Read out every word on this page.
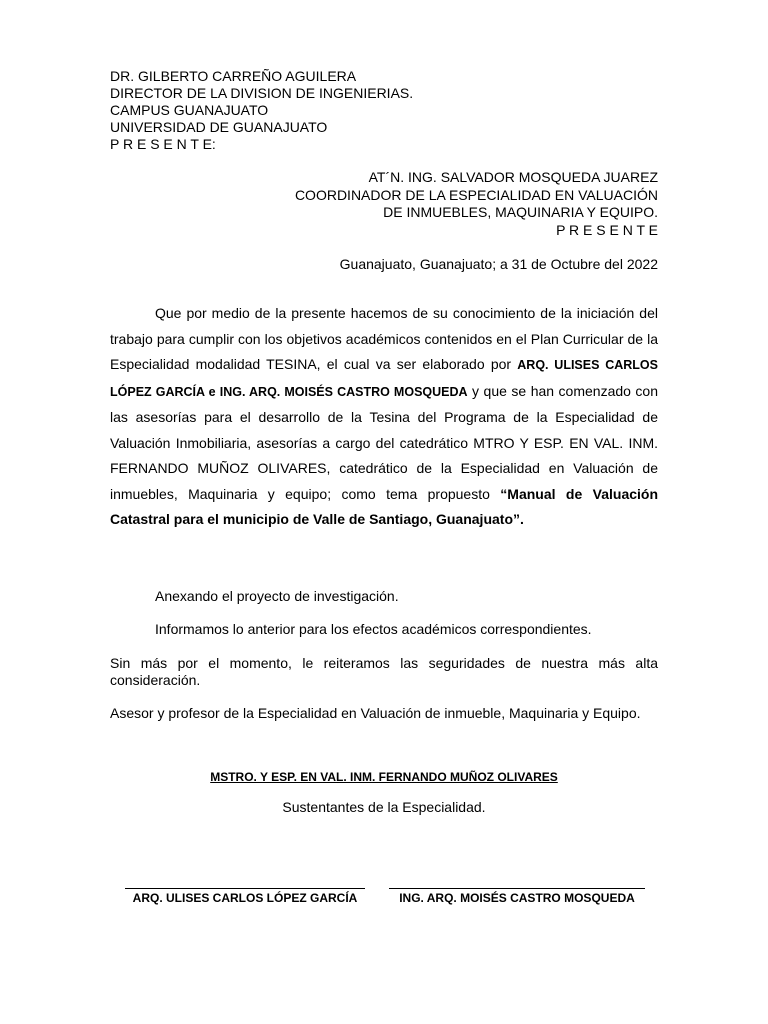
DR. GILBERTO CARREÑO AGUILERA
DIRECTOR DE LA DIVISION DE INGENIERIAS.
CAMPUS GUANAJUATO
UNIVERSIDAD DE GUANAJUATO
P R E S E N T E:
AT´N. ING. SALVADOR MOSQUEDA JUAREZ
COORDINADOR DE LA ESPECIALIDAD EN VALUACIÓN
DE INMUEBLES, MAQUINARIA Y EQUIPO.
P R E S E N T E
Guanajuato, Guanajuato; a 31 de Octubre del 2022
Que por medio de la presente hacemos de su conocimiento de la iniciación del trabajo para cumplir con los objetivos académicos contenidos en el Plan Curricular de la Especialidad modalidad TESINA, el cual va ser elaborado por ARQ. ULISES CARLOS LÓPEZ GARCÍA e ING. ARQ. MOISÉS CASTRO MOSQUEDA y que se han comenzado con las asesorías para el desarrollo de la Tesina del Programa de la Especialidad de Valuación Inmobiliaria, asesorías a cargo del catedrático MTRO Y ESP. EN VAL. INM. FERNANDO MUÑOZ OLIVARES, catedrático de la Especialidad en Valuación de inmuebles, Maquinaria y equipo; como tema propuesto “Manual de Valuación Catastral para el municipio de Valle de Santiago, Guanajuato”.
Anexando el proyecto de investigación.
Informamos lo anterior para los efectos académicos correspondientes.
Sin más por el momento, le reiteramos las seguridades de nuestra más alta consideración.
Asesor y profesor de la Especialidad en Valuación de inmueble, Maquinaria y Equipo.
MSTRO. Y ESP. EN VAL. INM. FERNANDO MUÑOZ OLIVARES
Sustentantes de la Especialidad.
ARQ. ULISES CARLOS LÓPEZ GARCÍA	ING. ARQ. MOISÉS CASTRO MOSQUEDA
